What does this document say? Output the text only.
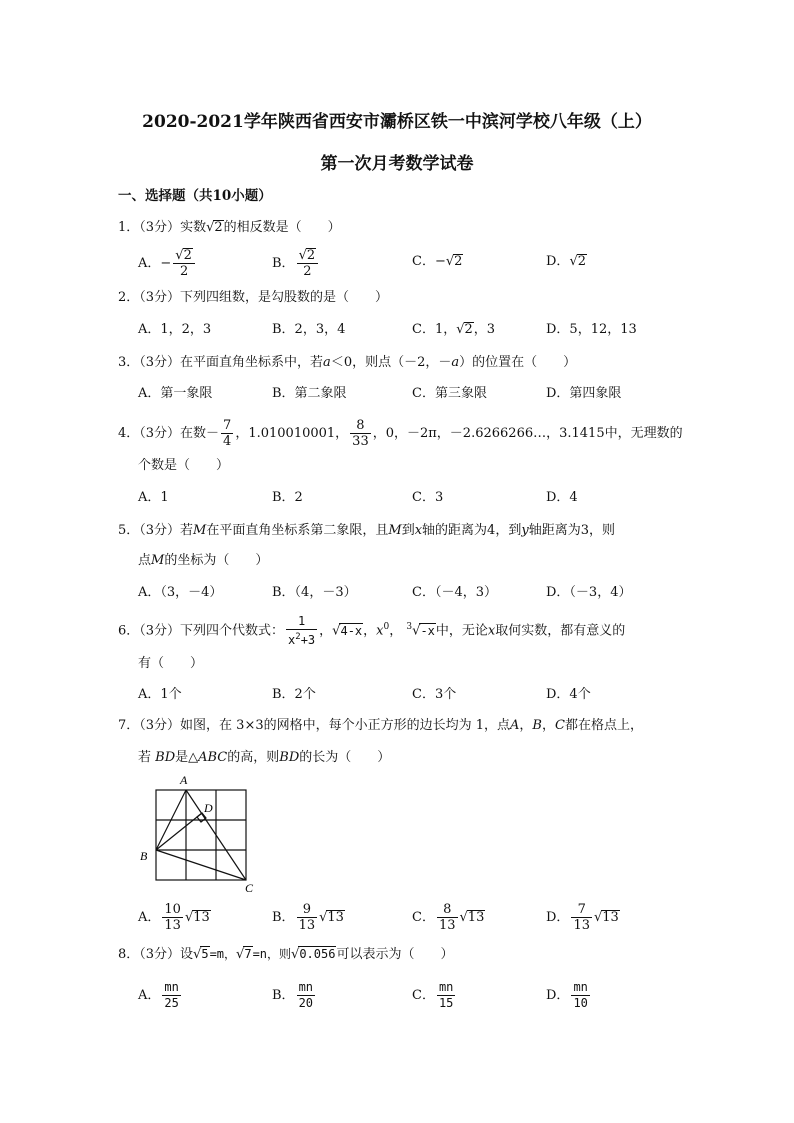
2020-2021学年陕西省西安市灞桥区铁一中滨河学校八年级（上）
第一次月考数学试卷
一、选择题（共10小题）
1．（3分）实数√2的相反数是（　　）
A．− $\frac{√2}{2}$	B． $\frac{√2}{2}$	C．−√2	D．√2
2．（3分）下列四组数，是勾股数的是（　　）
A．1，2，3	B．2，3，4	C．1，√2，3	D．5，12，13
3．（3分）在平面直角坐标系中，若a＜0，则点（－2，－a）的位置在（　　）
A．第一象限	B．第二象限	C．第三象限	D．第四象限
4．（3分）在数－ $\frac{7}{4}$ ，1.010010001， $\frac{8}{33}$ ，0，－2π，－2.6266266…，3.1415中，无理数的
个数是（　　）
A．1	B．2	C．3	D．4
5．（3分）若M在平面直角坐标系第二象限，且M到x轴的距离为4，到y轴距离为3，则
点M的坐标为（　　）
A．（3，－4）	B．（4，－3）	C．（－4，3）	D．（－3，4）
6．（3分）下列四个代数式： $\frac{1}{x^2+3}$ ，√4-x，$x^0$， $^3$√-x中，无论x取何实数，都有意义的
有（　　）
A．1个	B．2个	C．3个	D．4个
7．（3分）如图，在 3×3的网格中，每个小正方形的边长均为 1，点A，B，C都在格点上，
若 BD是△ABC的高，则BD的长为（　　）
A
D
B
C
A． $\frac{10}{13} √13$	B． $\frac{9}{13} √13$	C． $\frac{8}{13} √13$	D． $\frac{7}{13} √13$
8．（3分）设√5=m，√7=n，则√0.056可以表示为（　　）
A． $\frac{mn}{25}$	B． $\frac{mn}{20}$	C． $\frac{mn}{15}$	D． $\frac{mn}{10}$
